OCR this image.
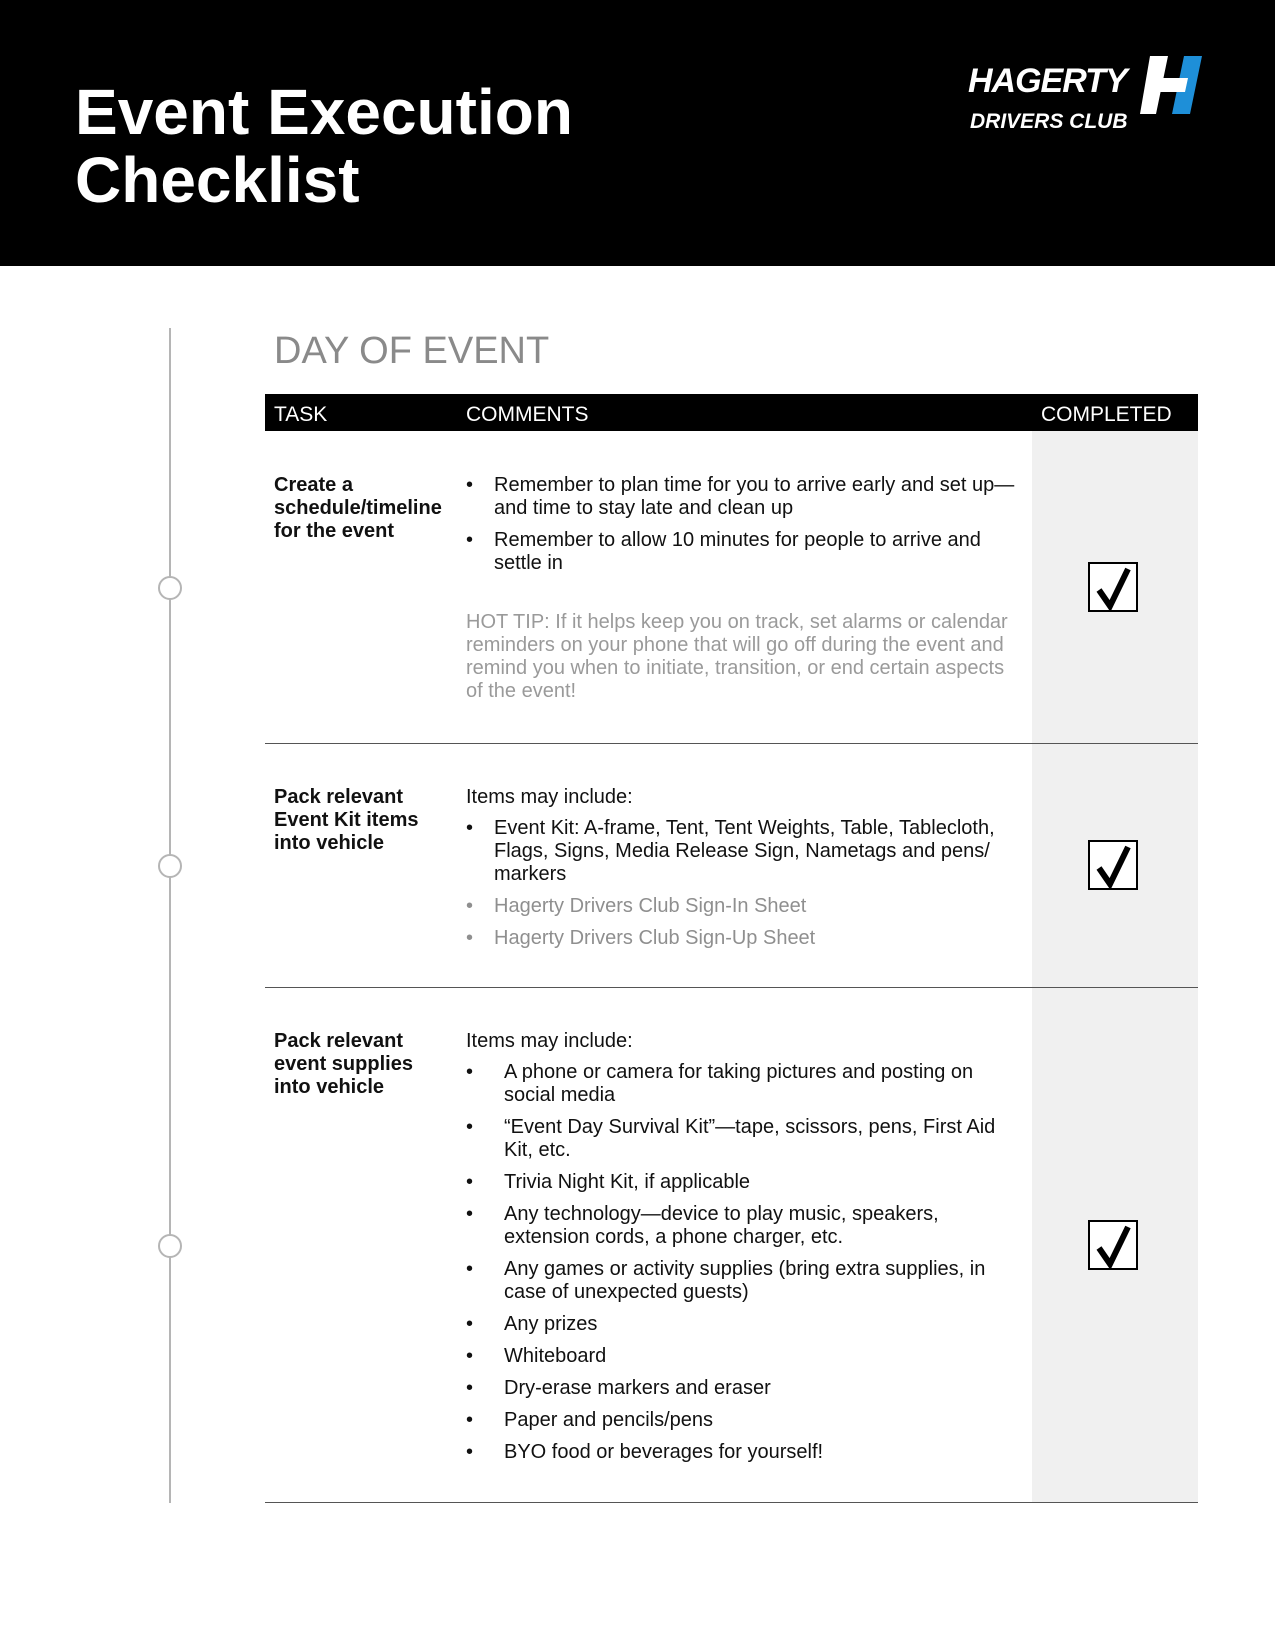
Event Execution
Checklist
HAGERTY
DRIVERS CLUB
DAY OF EVENT
TASK	COMMENTS	COMPLETED
Create a schedule/timeline for the event
• Remember to plan time for you to arrive early and set up—and time to stay late and clean up
• Remember to allow 10 minutes for people to arrive and settle in
HOT TIP: If it helps keep you on track, set alarms or calendar reminders on your phone that will go off during the event and remind you when to initiate, transition, or end certain aspects of the event!
Pack relevant Event Kit items into vehicle
Items may include:
• Event Kit: A-frame, Tent, Tent Weights, Table, Tablecloth, Flags, Signs, Media Release Sign, Nametags and pens/ markers
• Hagerty Drivers Club Sign-In Sheet
• Hagerty Drivers Club Sign-Up Sheet
Pack relevant event supplies into vehicle
Items may include:
• A phone or camera for taking pictures and posting on social media
• “Event Day Survival Kit”—tape, scissors, pens, First Aid Kit, etc.
• Trivia Night Kit, if applicable
• Any technology—device to play music, speakers, extension cords, a phone charger, etc.
• Any games or activity supplies (bring extra supplies, in case of unexpected guests)
• Any prizes
• Whiteboard
• Dry-erase markers and eraser
• Paper and pencils/pens
• BYO food or beverages for yourself!
